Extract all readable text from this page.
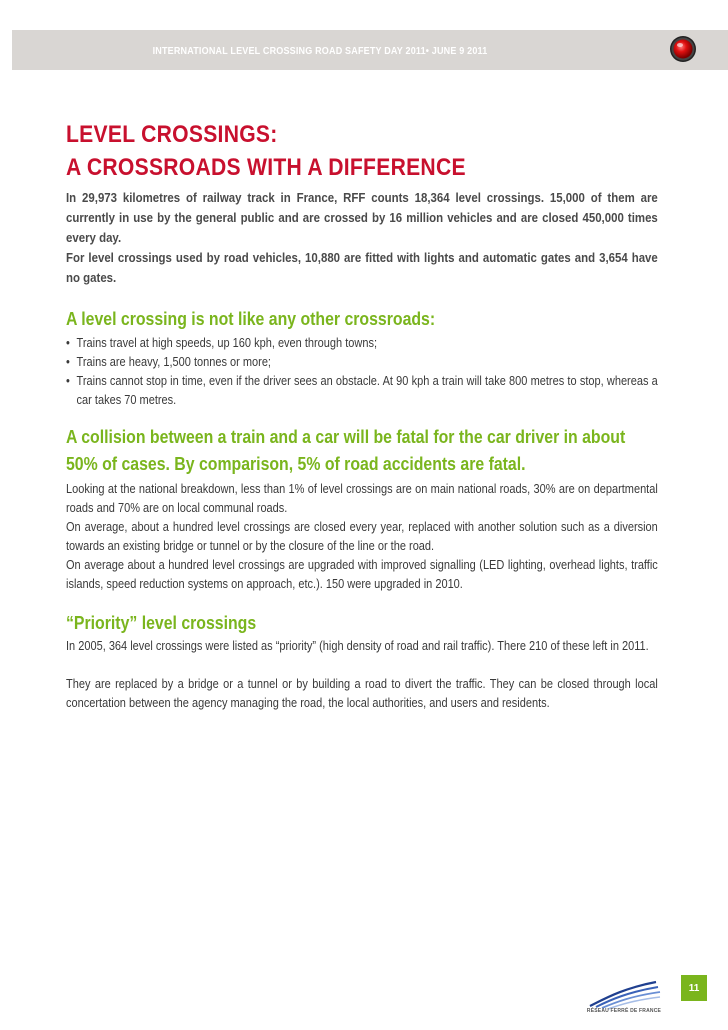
INTERNATIONAL LEVEL CROSSING ROAD SAFETY DAY 2011• JUNE 9 2011
LEVEL CROSSINGS:
A CROSSROADS WITH A DIFFERENCE

In 29,973 kilometres of railway track in France, RFF counts 18,364 level crossings. 15,000 of them are currently in use by the general public and are crossed by 16 million vehicles and are closed 450,000 times every day.
For level crossings used by road vehicles, 10,880 are fitted with lights and automatic gates and 3,654 have no gates.

A level crossing is not like any other crossroads:
• Trains travel at high speeds, up 160 kph, even through towns;
• Trains are heavy, 1,500 tonnes or more;
• Trains cannot stop in time, even if the driver sees an obstacle. At 90 kph a train will take 800 metres to stop, whereas a car takes 70 metres.
A collision between a train and a car will be fatal for the car driver in about 50% of cases. By comparison, 5% of road accidents are fatal.

Looking at the national breakdown, less than 1% of level crossings are on main national roads, 30% are on departmental roads and 70% are on local communal roads.
On average, about a hundred level crossings are closed every year, replaced with another solution such as a diversion towards an existing bridge or tunnel or by the closure of the line or the road.
On average about a hundred level crossings are upgraded with improved signalling (LED lighting, overhead lights, traffic islands, speed reduction systems on approach, etc.). 150 were upgraded in 2010.

“Priority” level crossings

In 2005, 364 level crossings were listed as “priority” (high density of road and rail traffic). There 210 of these left in 2011.

They are replaced by a bridge or a tunnel or by building a road to divert the traffic. They can be closed through local concertation between the agency managing the road, the local authorities, and users and residents.

RÉSEAU FERRÉ DE FRANCE
11
